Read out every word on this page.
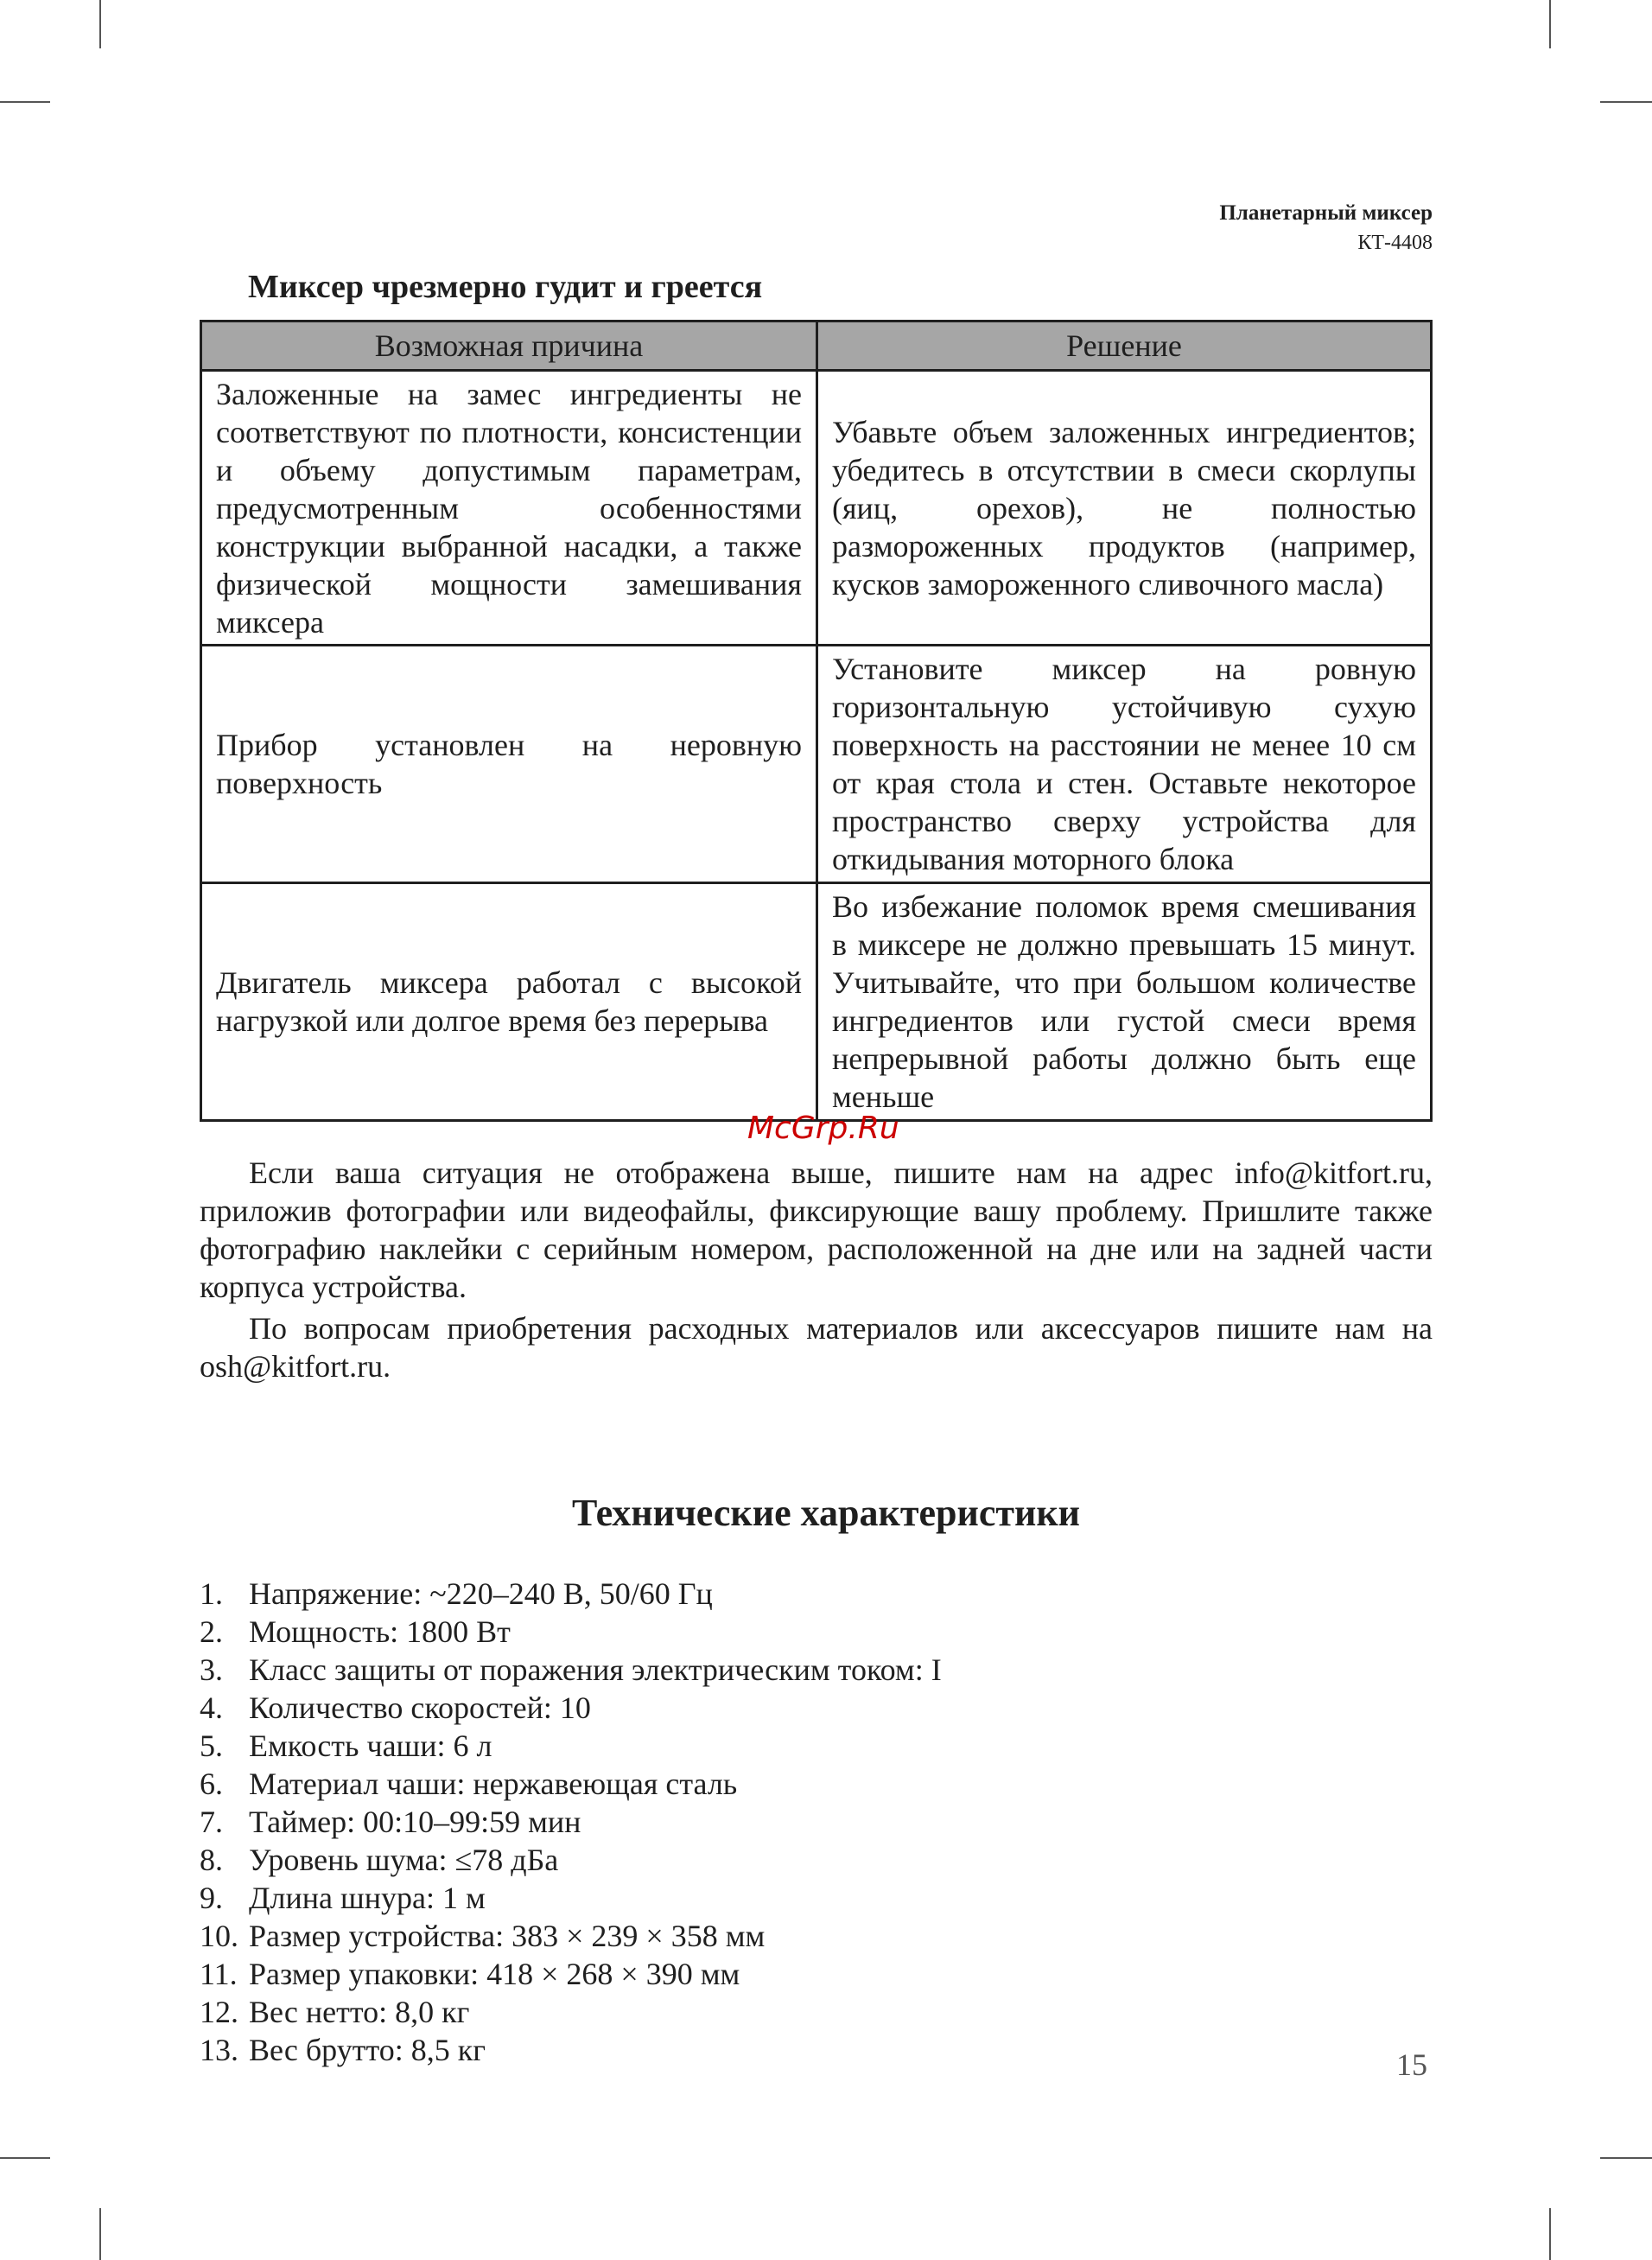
Планетарный миксер
КТ-4408
Миксер чрезмерно гудит и греется
Возможная причина	Решение
Заложенные на замес ингредиенты не соответствуют по плотности, консистенции и объему допустимым параметрам, предусмотренным особенностями конструкции выбранной насадки, а также физической мощности замешивания миксера	Убавьте объем заложенных ингредиентов; убедитесь в отсутствии в смеси скорлупы (яиц, орехов), не полностью размороженных продуктов (например, кусков замороженного сливочного масла)
Прибор установлен на неровную поверхность	Установите миксер на ровную горизонтальную устойчивую сухую поверхность на расстоянии не менее 10 см от края стола и стен. Оставьте некоторое пространство сверху устройства для откидывания моторного блока
Двигатель миксера работал с высокой нагрузкой или долгое время без перерыва	Во избежание поломок время смешивания в миксере не должно превышать 15 минут. Учитывайте, что при большом количестве ингредиентов или густой смеси время непрерывной работы должно быть еще меньше
McGrp.Ru

Если ваша ситуация не отображена выше, пишите нам на адрес info@kitfort.ru, приложив фотографии или видеофайлы, фиксирующие вашу проблему. Пришлите также фотографию наклейки с серийным номером, расположенной на дне или на задней части корпуса устройства.

По вопросам приобретения расходных материалов или аксессуаров пишите нам на osh@kitfort.ru.

Технические характеристики
1. Напряжение: ~220–240 В, 50/60 Гц
2. Мощность: 1800 Вт
3. Класс защиты от поражения электрическим током: I
4. Количество скоростей: 10
5. Емкость чаши: 6 л
6. Материал чаши: нержавеющая сталь
7. Таймер: 00:10–99:59 мин
8. Уровень шума: ≤78 дБа
9. Длина шнура: 1 м
10. Размер устройства: 383 × 239 × 358 мм
11. Размер упаковки: 418 × 268 × 390 мм
12. Вес нетто: 8,0 кг
13. Вес брутто: 8,5 кг	15
